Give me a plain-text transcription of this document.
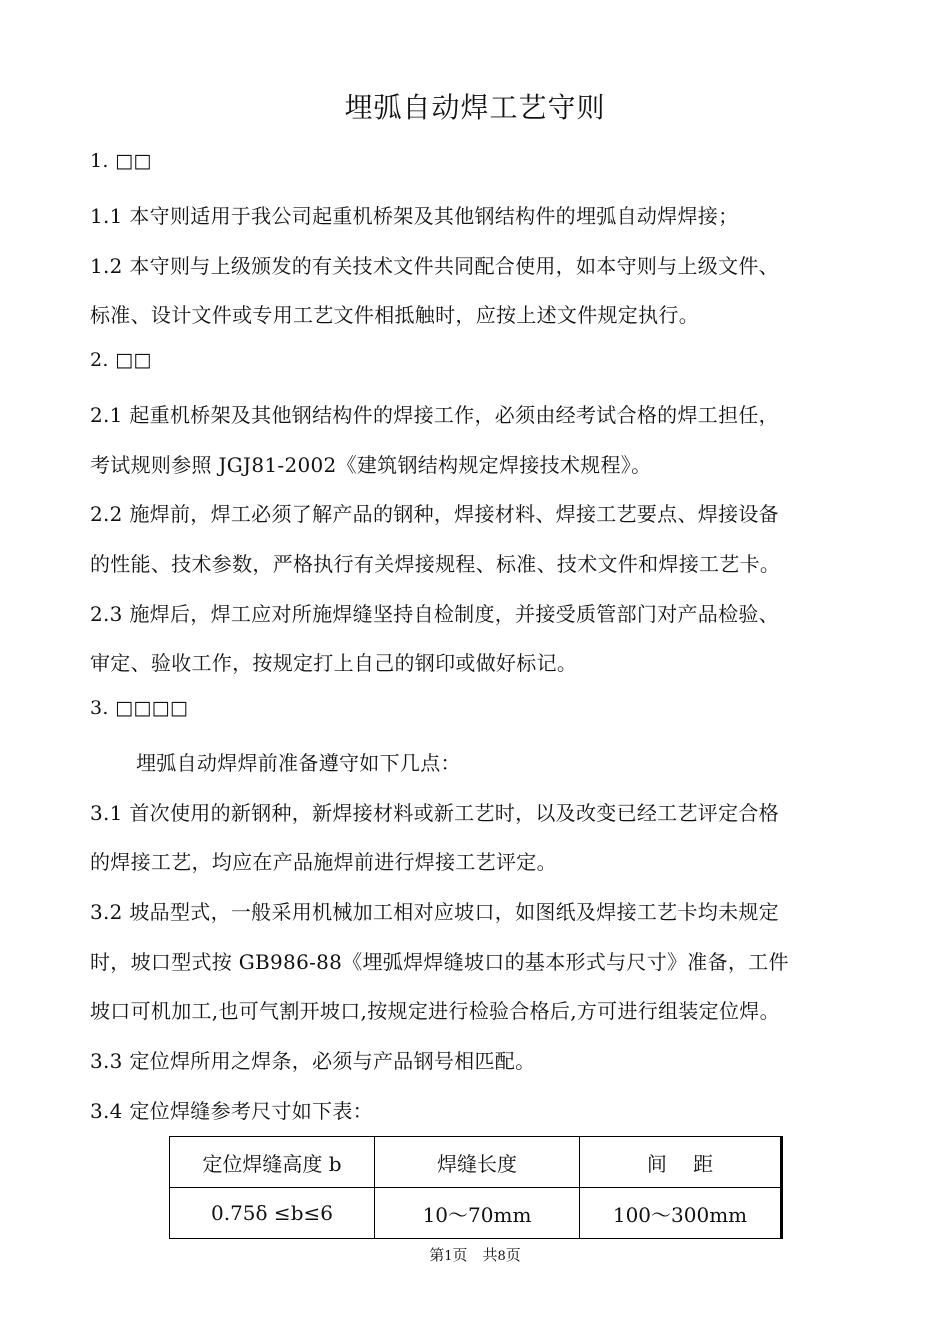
埋弧自动焊工艺守则
1. □□
1.1 本守则适用于我公司起重机桥架及其他钢结构件的埋弧自动焊焊接；
1.2 本守则与上级颁发的有关技术文件共同配合使用，如本守则与上级文件、
标准、设计文件或专用工艺文件相抵触时，应按上述文件规定执行。
2. □□
2.1 起重机桥架及其他钢结构件的焊接工作，必须由经考试合格的焊工担任，
考试规则参照 JGJ81-2002《建筑钢结构规定焊接技术规程》。
2.2 施焊前，焊工必须了解产品的钢种，焊接材料、焊接工艺要点、焊接设备
的性能、技术参数，严格执行有关焊接规程、标准、技术文件和焊接工艺卡。
2.3 施焊后，焊工应对所施焊缝坚持自检制度，并接受质管部门对产品检验、
审定、验收工作，按规定打上自己的钢印或做好标记。
3. □□□□
埋弧自动焊焊前准备遵守如下几点：
3.1 首次使用的新钢种，新焊接材料或新工艺时，以及改变已经工艺评定合格
的焊接工艺，均应在产品施焊前进行焊接工艺评定。
3.2 坡品型式，一般采用机械加工相对应坡口，如图纸及焊接工艺卡均未规定
时，坡口型式按 GB986-88《埋弧焊焊缝坡口的基本形式与尺寸》准备，工件
坡口可机加工,也可气割开坡口,按规定进行检验合格后,方可进行组装定位焊。
3.3 定位焊所用之焊条，必须与产品钢号相匹配。
3.4 定位焊缝参考尺寸如下表：
定位焊缝高度 b	焊缝长度	间　 距
0.75δ ≤b≤6	10～70mm	100～300mm
第1页　共8页
